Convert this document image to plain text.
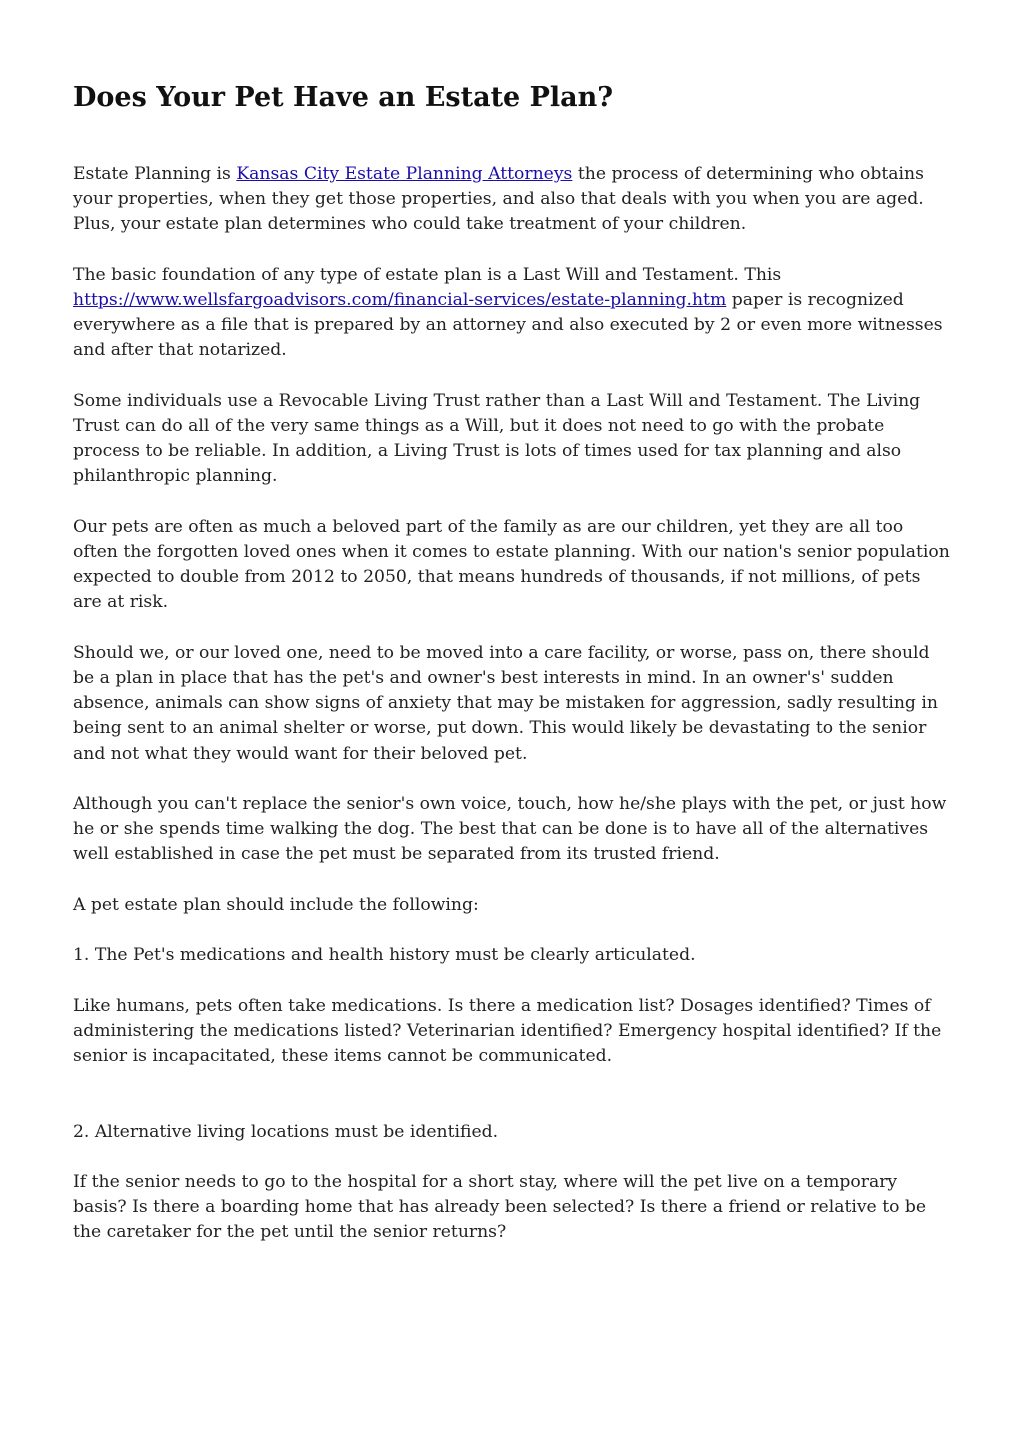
Does Your Pet Have an Estate Plan?

Estate Planning is Kansas City Estate Planning Attorneys the process of determining who obtains your properties, when they get those properties, and also that deals with you when you are aged. Plus, your estate plan determines who could take treatment of your children.

The basic foundation of any type of estate plan is a Last Will and Testament. This https://www.wellsfargoadvisors.com/financial-services/estate-planning.htm paper is recognized everywhere as a file that is prepared by an attorney and also executed by 2 or even more witnesses and after that notarized.

Some individuals use a Revocable Living Trust rather than a Last Will and Testament. The Living Trust can do all of the very same things as a Will, but it does not need to go with the probate process to be reliable. In addition, a Living Trust is lots of times used for tax planning and also philanthropic planning.

Our pets are often as much a beloved part of the family as are our children, yet they are all too often the forgotten loved ones when it comes to estate planning. With our nation's senior population expected to double from 2012 to 2050, that means hundreds of thousands, if not millions, of pets are at risk.

Should we, or our loved one, need to be moved into a care facility, or worse, pass on, there should be a plan in place that has the pet's and owner's best interests in mind. In an owner's' sudden absence, animals can show signs of anxiety that may be mistaken for aggression, sadly resulting in being sent to an animal shelter or worse, put down. This would likely be devastating to the senior and not what they would want for their beloved pet.

Although you can't replace the senior's own voice, touch, how he/she plays with the pet, or just how he or she spends time walking the dog. The best that can be done is to have all of the alternatives well established in case the pet must be separated from its trusted friend.

A pet estate plan should include the following:

1. The Pet's medications and health history must be clearly articulated.

Like humans, pets often take medications. Is there a medication list? Dosages identified? Times of administering the medications listed? Veterinarian identified? Emergency hospital identified? If the senior is incapacitated, these items cannot be communicated.

2. Alternative living locations must be identified.

If the senior needs to go to the hospital for a short stay, where will the pet live on a temporary basis? Is there a boarding home that has already been selected? Is there a friend or relative to be the caretaker for the pet until the senior returns?
